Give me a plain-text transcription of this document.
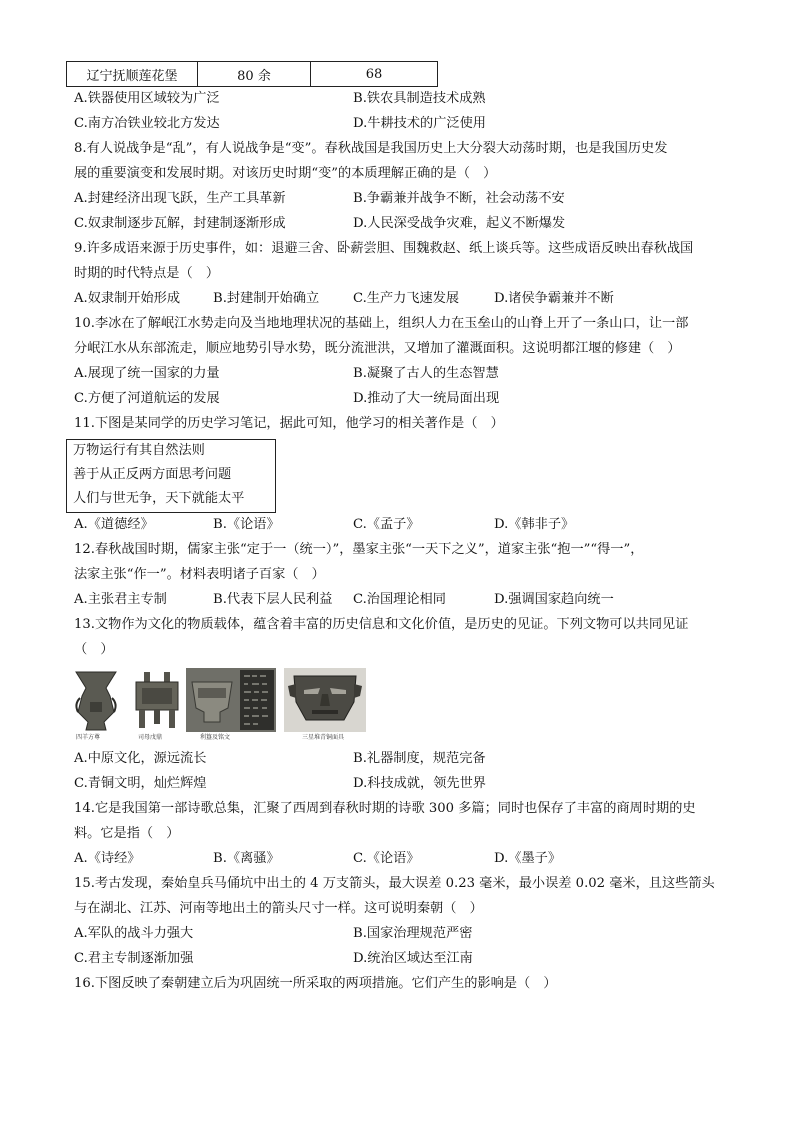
辽宁抚顺莲花堡	80 余	68
A.铁器使用区域较为广泛	B.铁农具制造技术成熟
C.南方冶铁业较北方发达	D.牛耕技术的广泛使用
8.有人说战争是“乱”，有人说战争是“变”。春秋战国是我国历史上大分裂大动荡时期，也是我国历史发
展的重要演变和发展时期。对该历史时期“变”的本质理解正确的是（　）
A.封建经济出现飞跃，生产工具革新	B.争霸兼并战争不断，社会动荡不安
C.奴隶制逐步瓦解，封建制逐渐形成	D.人民深受战争灾难，起义不断爆发
9.许多成语来源于历史事件，如：退避三舍、卧薪尝胆、围魏救赵、纸上谈兵等。这些成语反映出春秋战国
时期的时代特点是（　）
A.奴隶制开始形成 B.封建制开始确立	C.生产力飞速发展	D.诸侯争霸兼并不断
10.李冰在了解岷江水势走向及当地地理状况的基础上，组织人力在玉垒山的山脊上开了一条山口，让一部
分岷江水从东部流走，顺应地势引导水势，既分流泄洪，又增加了灌溉面积。这说明都江堰的修建（　）
A.展现了统一国家的力量	B.凝聚了古人的生态智慧
C.方便了河道航运的发展	D.推动了大一统局面出现
11.下图是某同学的历史学习笔记，据此可知，他学习的相关著作是（　）
万物运行有其自然法则
善于从正反两方面思考问题
人们与世无争，天下就能太平
A.《道德经》	B.《论语》	C.《孟子》	D.《韩非子》
12.春秋战国时期，儒家主张“定于一（统一）”，墨家主张“一天下之义”，道家主张“抱一”“得一”，
法家主张“作一”。材料表明诸子百家（　）
A.主张君主专制	B.代表下层人民利益 C.治国理论相同	D.强调国家趋向统一
13.文物作为文化的物质载体，蕴含着丰富的历史信息和文化价值，是历史的见证。下列文物可以共同见证
（　）
四羊方尊	司母戊鼎	利簋及铭文	三星堆青铜面具
A.中原文化，源远流长	B.礼器制度，规范完备
C.青铜文明，灿烂辉煌	D.科技成就，领先世界
14.它是我国第一部诗歌总集，汇聚了西周到春秋时期的诗歌 300 多篇；同时也保存了丰富的商周时期的史
料。它是指（　）
A.《诗经》	B.《离骚》	C.《论语》	D.《墨子》
15.考古发现，秦始皇兵马俑坑中出土的 4 万支箭头，最大误差 0.23 毫米，最小误差 0.02 毫米，且这些箭头
与在湖北、江苏、河南等地出土的箭头尺寸一样。这可说明秦朝（　）
A.军队的战斗力强大	B.国家治理规范严密
C.君主专制逐渐加强	D.统治区域达至江南
16.下图反映了秦朝建立后为巩固统一所采取的两项措施。它们产生的影响是（　）
